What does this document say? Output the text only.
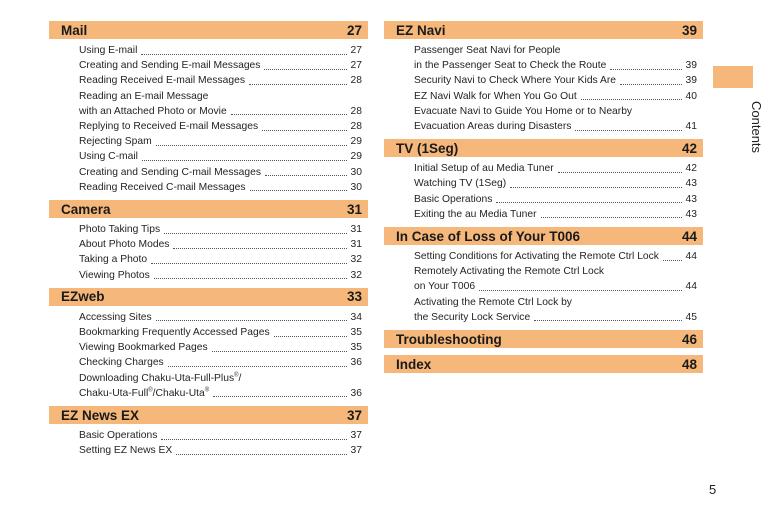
Mail	27
Using E-mail	27
Creating and Sending E-mail Messages	27
Reading Received E-mail Messages	28
Reading an E-mail Message
with an Attached Photo or Movie	28
Replying to Received E-mail Messages	28
Rejecting Spam	29
Using C-mail	29
Creating and Sending C-mail Messages	30
Reading Received C-mail Messages	30
Camera	31
Photo Taking Tips	31
About Photo Modes	31
Taking a Photo	32
Viewing Photos	32
EZweb	33
Accessing Sites	34
Bookmarking Frequently Accessed Pages	35
Viewing Bookmarked Pages	35
Checking Charges	36
Downloading Chaku-Uta-Full-Plus®/
Chaku-Uta-Full®/Chaku-Uta®	36
EZ News EX	37
Basic Operations	37
Setting EZ News EX	37
EZ Navi	39
Passenger Seat Navi for People
in the Passenger Seat to Check the Route	39
Security Navi to Check Where Your Kids Are	39
EZ Navi Walk for When You Go Out	40
Evacuate Navi to Guide You Home or to Nearby
Evacuation Areas during Disasters	41
TV (1Seg)	42
Initial Setup of au Media Tuner	42
Watching TV (1Seg)	43
Basic Operations	43
Exiting the au Media Tuner	43
In Case of Loss of Your T006	44
Setting Conditions for Activating the Remote Ctrl Lock	44
Remotely Activating the Remote Ctrl Lock
on Your T006	44
Activating the Remote Ctrl Lock by
the Security Lock Service	45
Troubleshooting	46
Index	48
Contents
5
